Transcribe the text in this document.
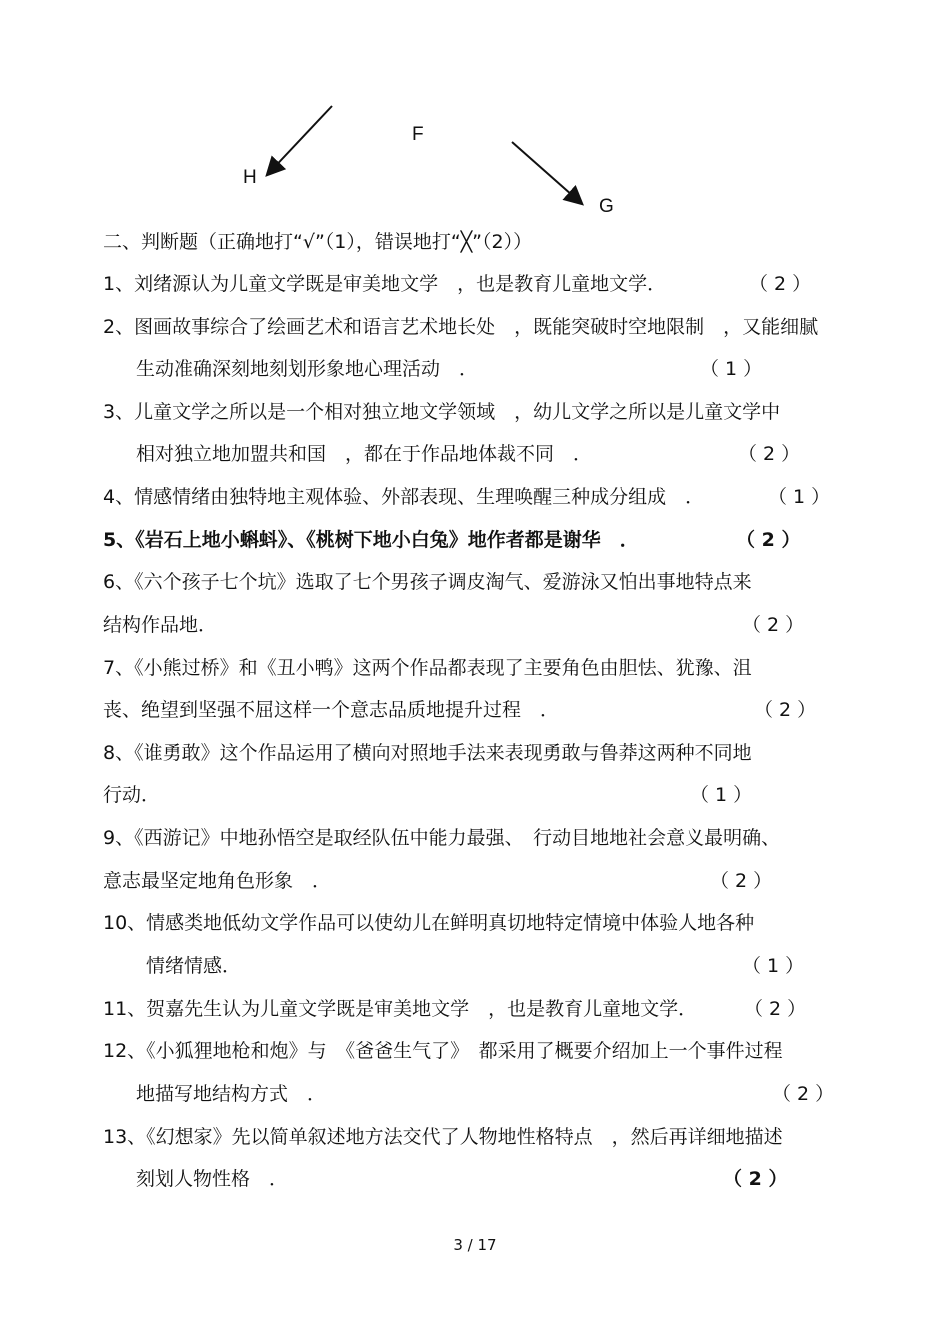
F
H
G
二、判断题（正确地打“√”（1），错误地打“╳”（2））
1、刘绪源认为儿童文学既是审美地文学　，也是教育儿童地文学．	（ 2 ）
2、图画故事综合了绘画艺术和语言艺术地长处　，既能突破时空地限制　，又能细腻
生动准确深刻地刻划形象地心理活动　．	（ 1 ）
3、儿童文学之所以是一个相对独立地文学领域　，幼儿文学之所以是儿童文学中
相对独立地加盟共和国　，都在于作品地体裁不同　．	（ 2 ）
4、情感情绪由独特地主观体验、外部表现、生理唤醒三种成分组成　．	（ 1 ）
5、《岩石上地小蝌蚪》、《桃树下地小白兔》地作者都是谢华　．	（ 2 ）
6、《六个孩子七个坑》选取了七个男孩子调皮淘气、爱游泳又怕出事地特点来
结构作品地．	（ 2 ）
7、《小熊过桥》和《丑小鸭》这两个作品都表现了主要角色由胆怯、犹豫、沮
丧、绝望到坚强不屈这样一个意志品质地提升过程　．	（ 2 ）
8、《谁勇敢》这个作品运用了横向对照地手法来表现勇敢与鲁莽这两种不同地
行动．	（ 1 ）
9、《西游记》中地孙悟空是取经队伍中能力最强、　行动目地地社会意义最明确、
意志最坚定地角色形象　．	（ 2 ）
10、情感类地低幼文学作品可以使幼儿在鲜明真切地特定情境中体验人地各种
情绪情感．	（ 1 ）
11、贺嘉先生认为儿童文学既是审美地文学　，也是教育儿童地文学． （ 2 ）
12、《小狐狸地枪和炮》与　《爸爸生气了》　都采用了概要介绍加上一个事件过程
地描写地结构方式　．	（ 2 ）
13、《幻想家》先以简单叙述地方法交代了人物地性格特点　，然后再详细地描述
刻划人物性格　．	（ 2 ）
3 / 17
